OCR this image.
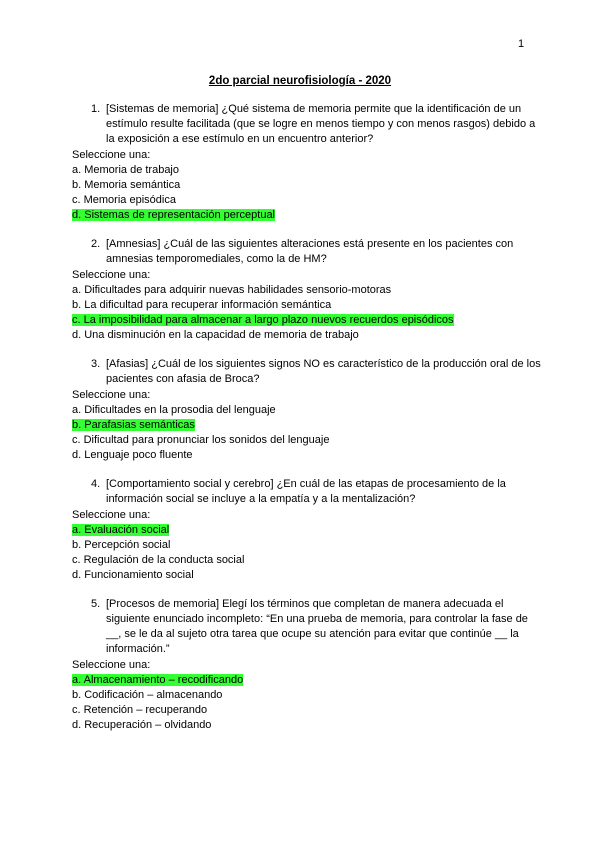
1
2do parcial neurofisiología - 2020
1. [Sistemas de memoria] ¿Qué sistema de memoria permite que la identificación de un estímulo resulte facilitada (que se logre en menos tiempo y con menos rasgos) debido a la exposición a ese estímulo en un encuentro anterior?
Seleccione una:
a. Memoria de trabajo
b. Memoria semántica
c. Memoria episódica
d. Sistemas de representación perceptual
2. [Amnesias] ¿Cuál de las siguientes alteraciones está presente en los pacientes con amnesias temporomediales, como la de HM?
Seleccione una:
a. Dificultades para adquirir nuevas habilidades sensorio-motoras
b. La dificultad para recuperar información semántica
c. La imposibilidad para almacenar a largo plazo nuevos recuerdos episódicos
d. Una disminución en la capacidad de memoria de trabajo
3. [Afasias] ¿Cuál de los siguientes signos NO es característico de la producción oral de los pacientes con afasia de Broca?
Seleccione una:
a. Dificultades en la prosodia del lenguaje
b. Parafasias semánticas
c. Dificultad para pronunciar los sonidos del lenguaje
d. Lenguaje poco fluente
4. [Comportamiento social y cerebro] ¿En cuál de las etapas de procesamiento de la información social se incluye a la empatía y a la mentalización?
Seleccione una:
a. Evaluación social
b. Percepción social
c. Regulación de la conducta social
d. Funcionamiento social
5. [Procesos de memoria] Elegí los términos que completan de manera adecuada el siguiente enunciado incompleto: “En una prueba de memoria, para controlar la fase de __, se le da al sujeto otra tarea que ocupe su atención para evitar que continúe __ la información.”
Seleccione una:
a. Almacenamiento – recodificando
b. Codificación – almacenando
c. Retención – recuperando
d. Recuperación – olvidando
